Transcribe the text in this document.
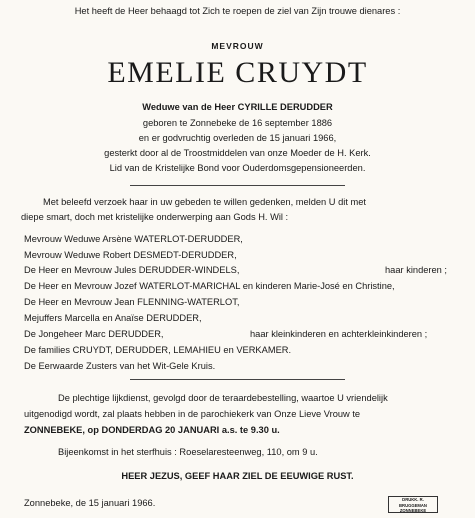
Het heeft de Heer behaagd tot Zich te roepen de ziel van Zijn trouwe dienares :
MEVROUW
EMELIE CRUYDT
Weduwe van de Heer CYRILLE DERUDDER
geboren te Zonnebeke de 16 september 1886
en er godvruchtig overleden de 15 januari 1966,
gesterkt door al de Troostmiddelen van onze Moeder de H. Kerk.
Lid van de Kristelijke Bond voor Ouderdomsgepensioneerden.
Met beleefd verzoek haar in uw gebeden te willen gedenken, melden U dit met
diepe smart, doch met kristelijke onderwerping aan Gods H. Wil :
Mevrouw Weduwe Arsène WATERLOT-DERUDDER,
Mevrouw Weduwe Robert DESMEDT-DERUDDER,
De Heer en Mevrouw Jules DERUDDER-WINDELS,	haar kinderen ;
De Heer en Mevrouw Jozef WATERLOT-MARICHAL en kinderen Marie-José en Christine,
De Heer en Mevrouw Jean FLENNING-WATERLOT,
Mejuffers Marcella en Anaïse DERUDDER,
De Jongeheer Marc DERUDDER,	haar kleinkinderen en achterkleinkinderen ;
De families CRUYDT, DERUDDER, LEMAHIEU en VERKAMER.
De Eerwaarde Zusters van het Wit-Gele Kruis.
De plechtige lijkdienst, gevolgd door de teraardebestelling, waartoe U vriendelijk
uitgenodigd wordt, zal plaats hebben in de parochiekerk van Onze Lieve Vrouw te
ZONNEBEKE, op DONDERDAG 20 JANUARI a.s. te 9.30 u.
Bijeenkomst in het sterfhuis : Roeselaresteenweg, 110, om 9 u.
HEER JEZUS, GEEF HAAR ZIEL DE EEUWIGE RUST.
Zonnebeke, de 15 januari 1966.	DRUKK. R. BRUGGEMAN
ZONNEBEKE
